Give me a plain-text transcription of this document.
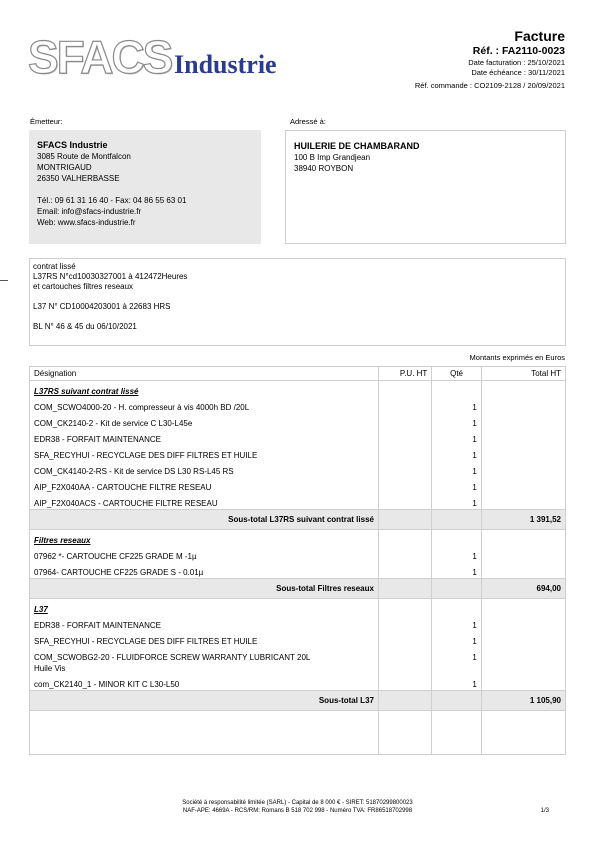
SFACS Industrie
Facture
Réf. : FA2110-0023
Date facturation : 25/10/2021
Date échéance : 30/11/2021
Réf. commande : CO2109-2128 / 20/09/2021
Émetteur:
SFACS Industrie
3085 Route de Montfalcon
MONTRIGAUD
26350 VALHERBASSE
Tél.: 09 61 31 16 40 - Fax: 04 86 55 63 01
Email: info@sfacs-industrie.fr
Web: www.sfacs-industrie.fr
Adressé à:
HUILERIE DE CHAMBARAND
100 B Imp Grandjean
38940 ROYBON
contrat lissé
L37RS N°cd10030327001 à 412472Heures
et cartouches filtres reseaux
L37 N° CD10004203001 à 22683 HRS
BL N° 46 & 45 du 06/10/2021
Montants exprimés en Euros
Désignation	P.U. HT	Qté	Total HT
L37RS suivant contrat lissé			

COM_SCWO4000-20 - H. compresseur à vis 4000h BD /20L		1	

COM_CK2140-2 - Kit de service C L30-L45e		1	

EDR38 - FORFAIT MAINTENANCE		1	

SFA_RECYHUI - RECYCLAGE DES DIFF FILTRES ET HUILE		1	

COM_CK4140-2-RS - Kit de service DS L30 RS-L45 RS		1	

AIP_F2X040AA - CARTOUCHE FILTRE RESEAU		1	

AIP_F2X040ACS - CARTOUCHE FILTRE RESEAU		1	
Sous-total L37RS suivant contrat lissé			1 391,52
Filtres reseaux			

07962 *- CARTOUCHE CF225 GRADE M -1µ		1	

07964- CARTOUCHE CF225 GRADE S - 0.01µ		1	
Sous-total Filtres reseaux			694,00
L37			

EDR38 - FORFAIT MAINTENANCE		1	

SFA_RECYHUI - RECYCLAGE DES DIFF FILTRES ET HUILE		1	

COM_SCWOBG2-20 - FLUIDFORCE SCREW WARRANTY LUBRICANT 20L
Huile Vis		1	

com_CK2140_1 - MINOR KIT C L30-L50		1	
Sous-total L37			1 105,90

Société à responsabilité limitée (SARL) - Capital de 8 000 € - SIRET: 51870299800023
NAF-APE: 4669A - RCS/RM: Romans B 518 702 998 - Numéro TVA: FR86518702998	1/3
